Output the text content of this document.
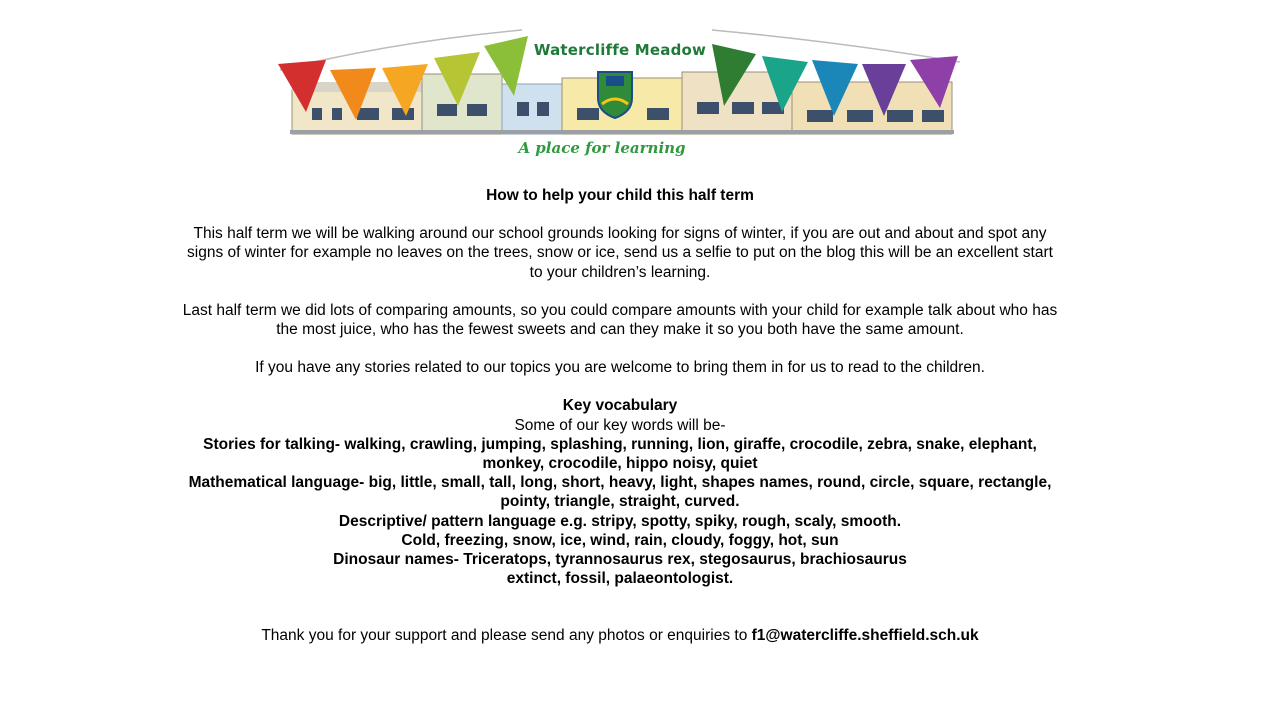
Watercliffe Meadow
A place for learning

How to help your child this half term

This half term we will be walking around our school grounds looking for signs of winter, if you are out and about and spot any signs of winter for example no leaves on the trees, snow or ice, send us a selfie to put on the blog this will be an excellent start to your children’s learning.

Last half term we did lots of comparing amounts, so you could compare amounts with your child for example talk about who has the most juice, who has the fewest sweets and can they make it so you both have the same amount.

If you have any stories related to our topics you are welcome to bring them in for us to read to the children.

Key vocabulary

Some of our key words will be-

Stories for talking- walking, crawling, jumping, splashing, running, lion, giraffe, crocodile, zebra, snake, elephant, monkey, crocodile, hippo noisy, quiet

Mathematical language- big, little, small, tall, long, short, heavy, light, shapes names, round, circle, square, rectangle, pointy, triangle, straight, curved.

Descriptive/ pattern language e.g. stripy, spotty, spiky, rough, scaly, smooth.

Cold, freezing, snow, ice, wind, rain, cloudy, foggy, hot, sun

Dinosaur names- Triceratops, tyrannosaurus rex, stegosaurus, brachiosaurus

extinct, fossil, palaeontologist.

Thank you for your support and please send any photos or enquiries to f1@watercliffe.sheffield.sch.uk
